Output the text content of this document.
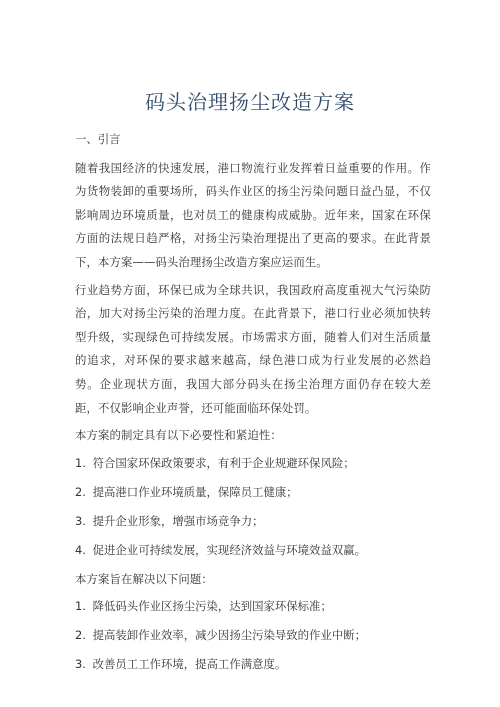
码头治理扬尘改造方案
一、引言

随着我国经济的快速发展，港口物流行业发挥着日益重要的作用。作为货物装卸的重要场所，码头作业区的扬尘污染问题日益凸显，不仅影响周边环境质量，也对员工的健康构成威胁。近年来，国家在环保方面的法规日趋严格，对扬尘污染治理提出了更高的要求。在此背景下，本方案——码头治理扬尘改造方案应运而生。

行业趋势方面，环保已成为全球共识，我国政府高度重视大气污染防治，加大对扬尘污染的治理力度。在此背景下，港口行业必须加快转型升级，实现绿色可持续发展。市场需求方面，随着人们对生活质量的追求，对环保的要求越来越高，绿色港口成为行业发展的必然趋势。企业现状方面，我国大部分码头在扬尘治理方面仍存在较大差距，不仅影响企业声誉，还可能面临环保处罚。

本方案的制定具有以下必要性和紧迫性：

1. 符合国家环保政策要求，有利于企业规避环保风险；
2. 提高港口作业环境质量，保障员工健康；
3. 提升企业形象，增强市场竞争力；
4. 促进企业可持续发展，实现经济效益与环境效益双赢。

本方案旨在解决以下问题：

1. 降低码头作业区扬尘污染，达到国家环保标准；
2. 提高装卸作业效率，减少因扬尘污染导致的作业中断；
3. 改善员工工作环境，提高工作满意度。
